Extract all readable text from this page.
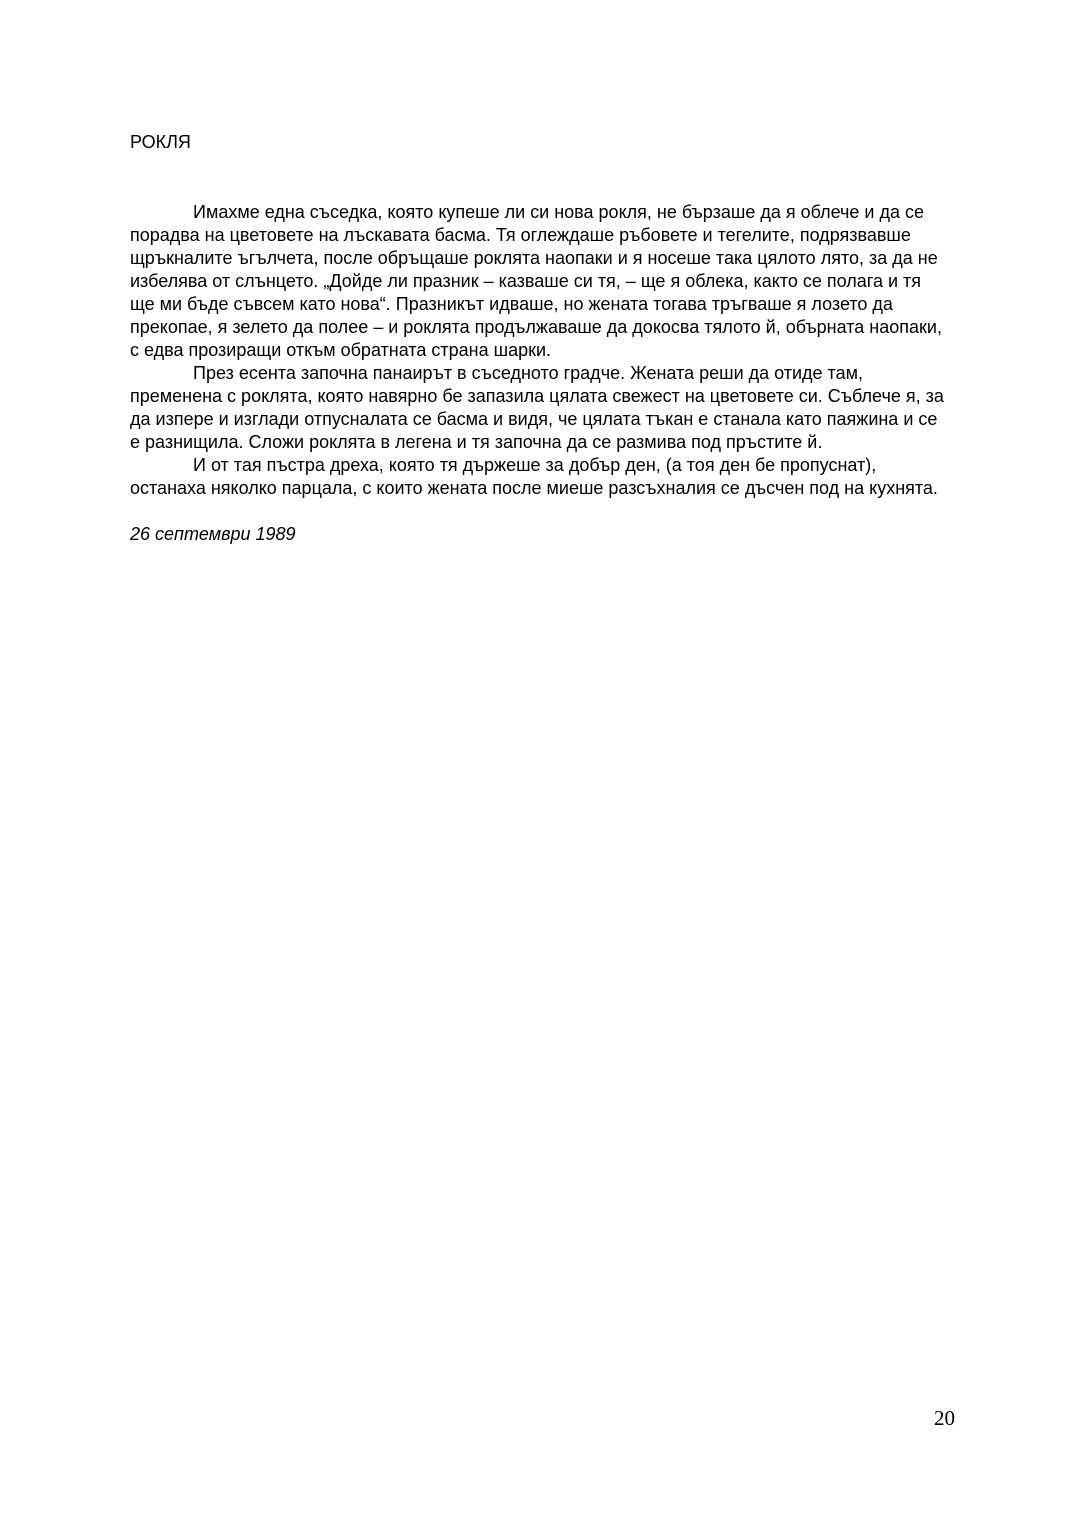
РОКЛЯ

Имахме една съседка, която купеше ли си нова рокля, не бързаше да я облече и да се порадва на цветовете на лъскавата басма. Тя оглеждаше ръбовете и тегелите, подрязвавше щръкналите ъгълчета, после обръщаше роклята наопаки и я носеше така цялото лято, за да не избелява от слънцето. „Дойде ли празник – казваше си тя, – ще я облека, както се полага и тя ще ми бъде съвсем като нова“. Празникът идваше, но жената тогава тръгваше я лозето да прекопае, я зелето да полее – и роклята продължаваше да докосва тялото й, обърната наопаки, с едва прозиращи откъм обратната страна шарки.

През есента започна панаирът в съседното градче. Жената реши да отиде там, пременена с роклята, която навярно бе запазила цялата свежест на цветовете си. Съблече я, за да изпере и изглади отпусналата се басма и видя, че цялата тъкан е станала като паяжина и се е разнищила. Сложи роклята в легена и тя започна да се размива под пръстите й.

И от тая пъстра дреха, която тя държеше за добър ден, (а тоя ден бе пропуснат), останаха няколко парцала, с които жената после миеше разсъхналия се дъсчен под на кухнята.

26 септември 1989

20
